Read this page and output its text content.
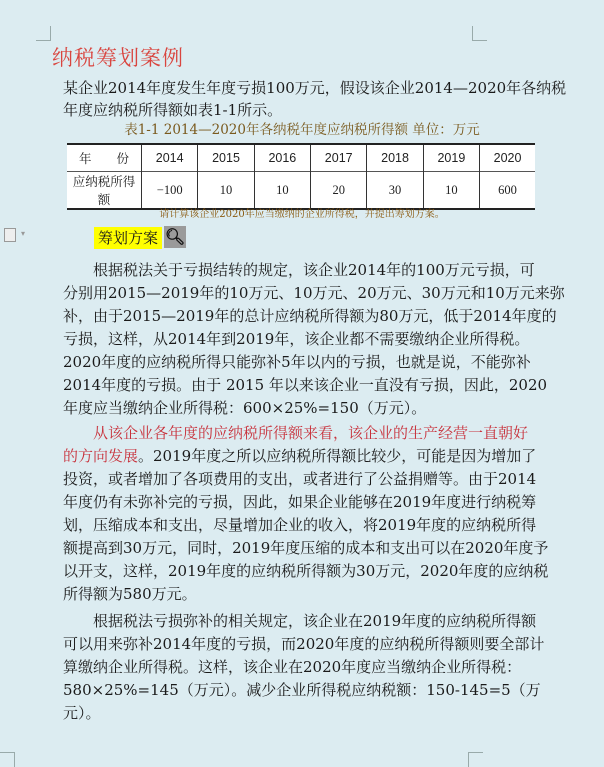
纳税筹划案例
某企业2014年度发生年度亏损100万元，假设该企业2014—2020年各纳税
年度应纳税所得额如表1-1所示。
表1-1 2014—2020年各纳税年度应纳税所得额 单位：万元
年　　份	2014	2015	2016	2017	2018	2019	2020
应纳税所得额	−100	10	10	20	30	10	600
请计算该企业2020年应当缴纳的企业所得税，并提出筹划方案。
▾	筹划方案 🔍︎
根据税法关于亏损结转的规定，该企业2014年的100万元亏损，可
分别用2015—2019年的10万元、10万元、20万元、30万元和10万元来弥
补，由于2015—2019年的总计应纳税所得额为80万元，低于2014年度的
亏损，这样，从2014年到2019年，该企业都不需要缴纳企业所得税。
2020年度的应纳税所得只能弥补5年以内的亏损，也就是说，不能弥补
2014年度的亏损。由于 2015 年以来该企业一直没有亏损，因此，2020
年度应当缴纳企业所得税：600×25%=150（万元）。
从该企业各年度的应纳税所得额来看，该企业的生产经营一直朝好
的方向发展。2019年度之所以应纳税所得额比较少，可能是因为增加了
投资，或者增加了各项费用的支出，或者进行了公益捐赠等。由于2014
年度仍有未弥补完的亏损，因此，如果企业能够在2019年度进行纳税筹
划，压缩成本和支出，尽量增加企业的收入，将2019年度的应纳税所得
额提高到30万元，同时，2019年度压缩的成本和支出可以在2020年度予
以开支，这样，2019年度的应纳税所得额为30万元，2020年度的应纳税
所得额为580万元。
根据税法亏损弥补的相关规定，该企业在2019年度的应纳税所得额
可以用来弥补2014年度的亏损，而2020年度的应纳税所得额则要全部计
算缴纳企业所得税。这样，该企业在2020年度应当缴纳企业所得税：
580×25%=145（万元）。减少企业所得税应纳税额：150-145=5（万
元）。
